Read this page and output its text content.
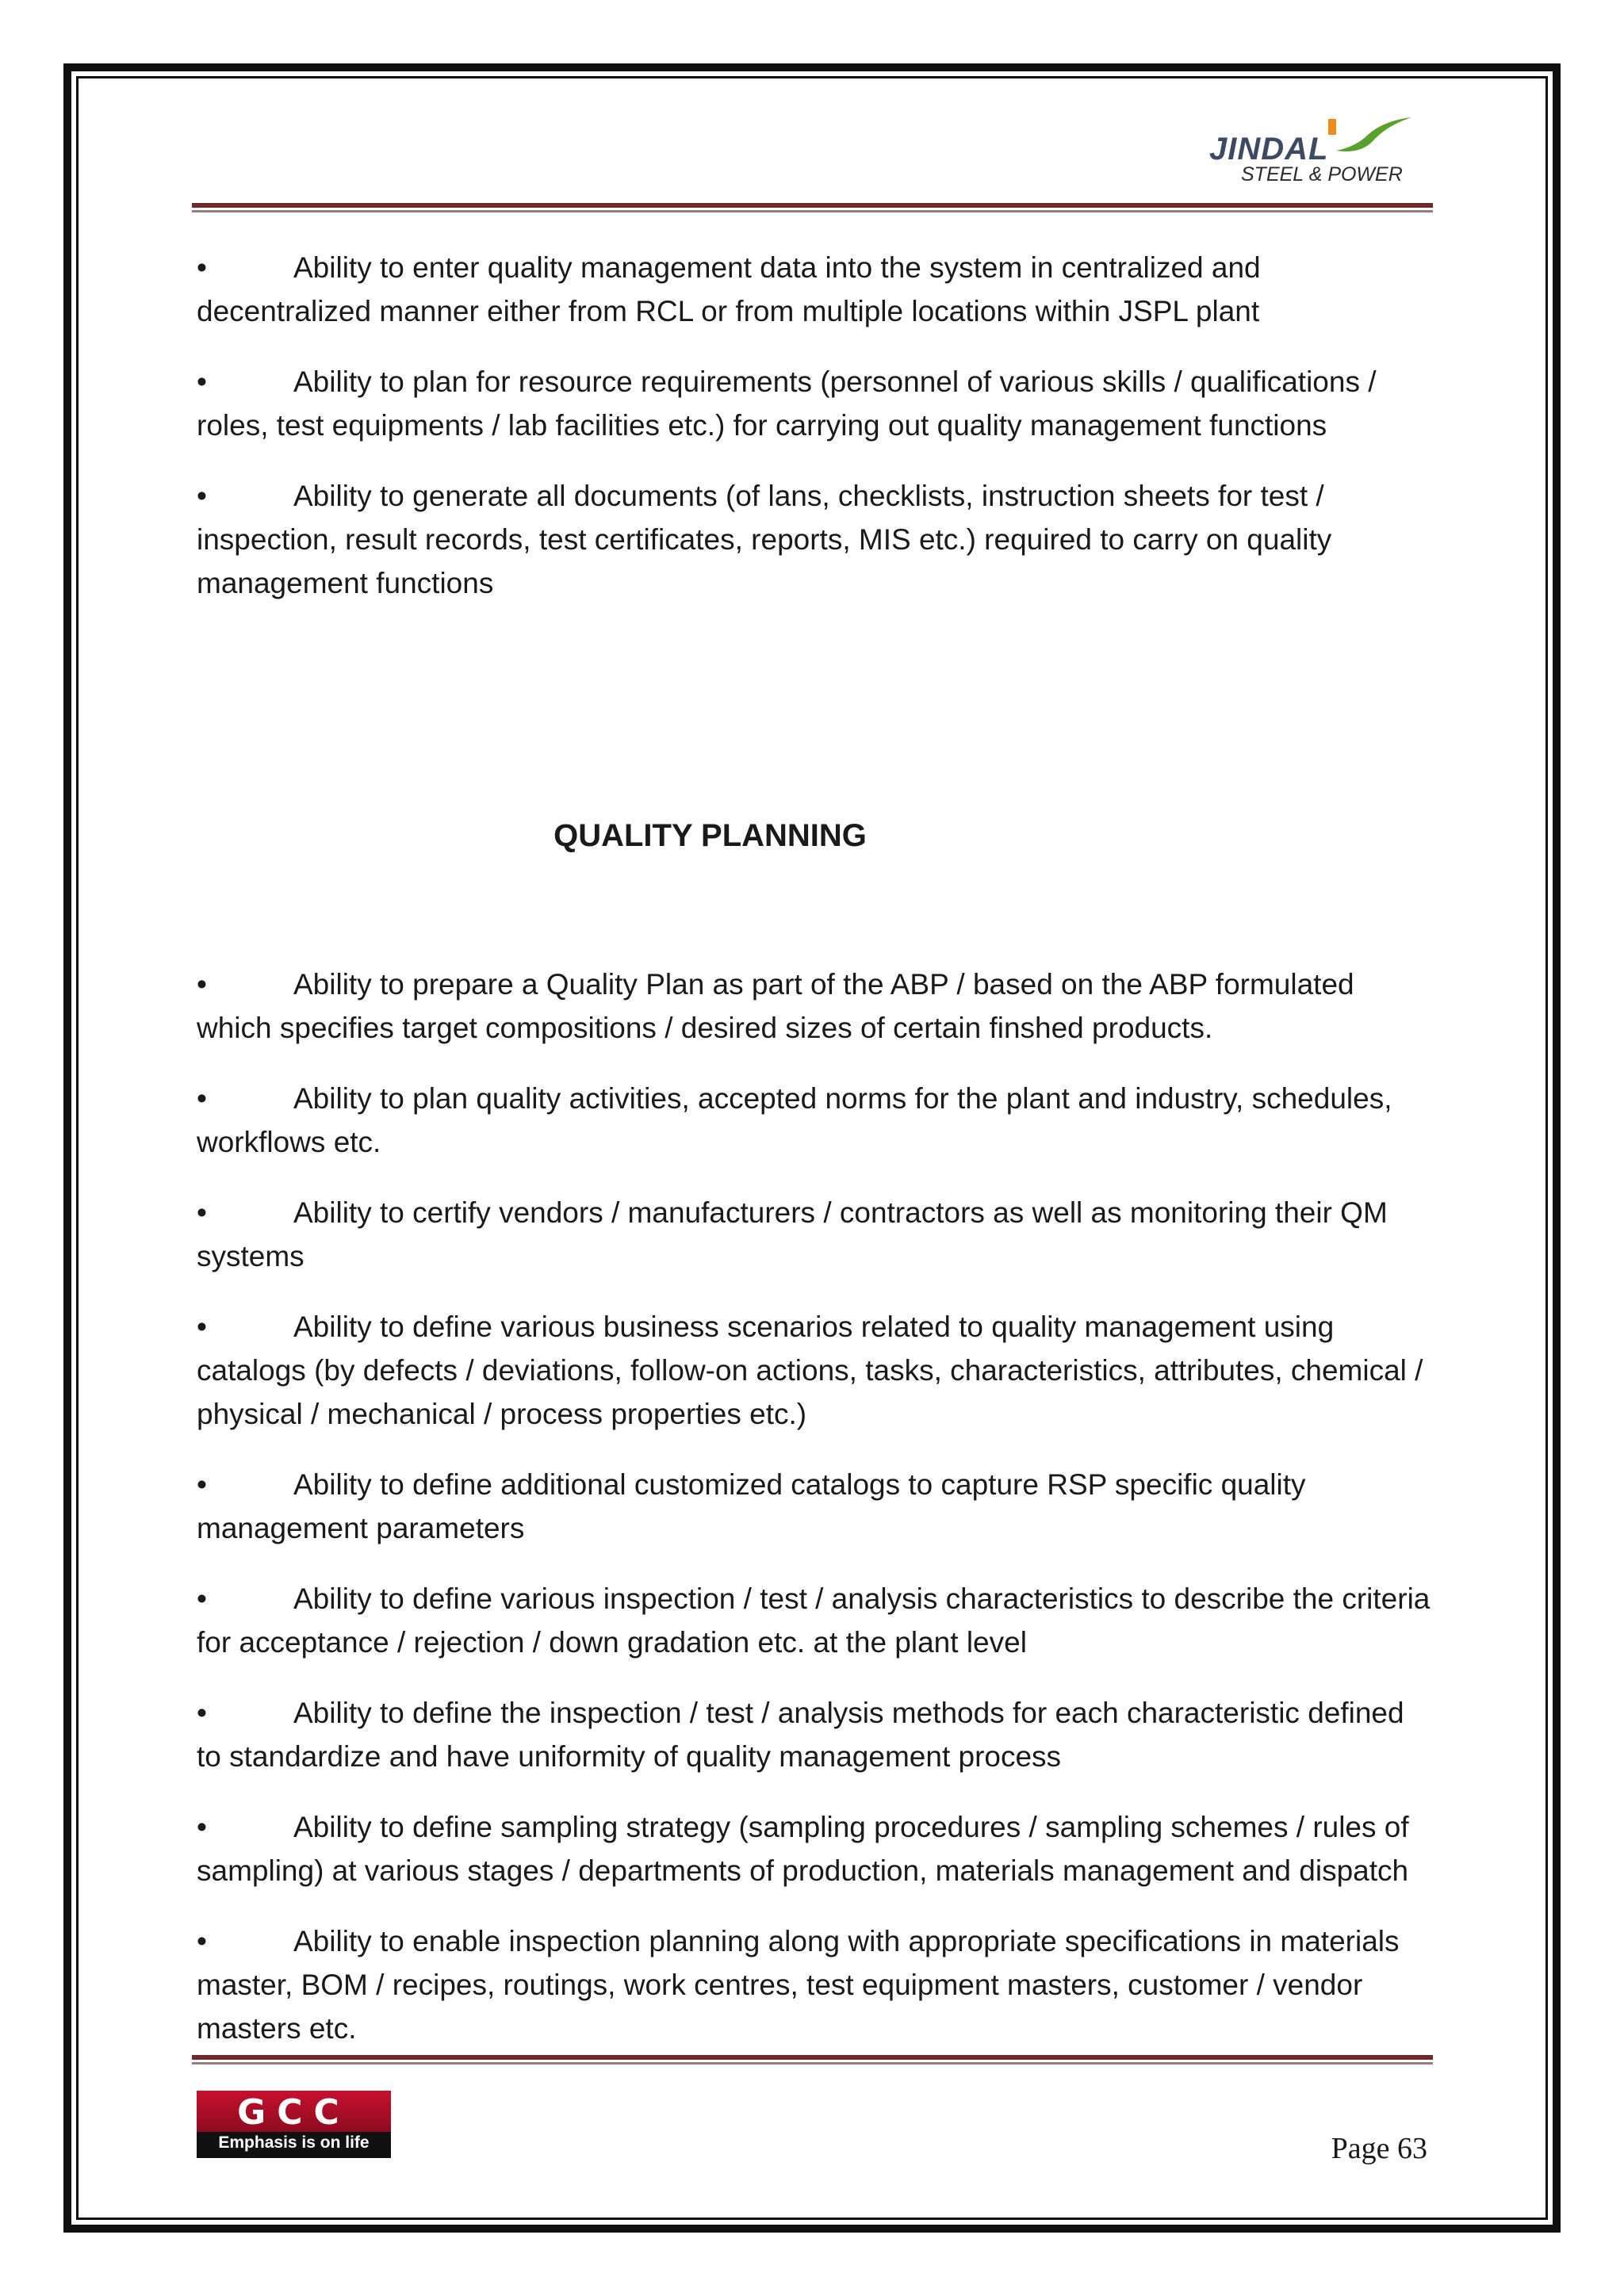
JINDAL
STEEL & POWER
•	Ability to enter quality management data into the system in centralized and decentralized manner either from RCL or from multiple locations within JSPL plant
•	Ability to plan for resource requirements (personnel of various skills / qualifications / roles, test equipments / lab facilities etc.) for carrying out quality management functions
•	Ability to generate all documents (of lans, checklists, instruction sheets for test / inspection, result records, test certificates, reports, MIS etc.) required to carry on quality management functions
QUALITY PLANNING
•	Ability to prepare a Quality Plan as part of the ABP / based on the ABP formulated which specifies target compositions / desired sizes of certain finshed products.
•	Ability to plan quality activities, accepted norms for the plant and industry, schedules, workflows etc.
•	Ability to certify vendors / manufacturers / contractors as well as monitoring their QM systems
•	Ability to define various business scenarios related to quality management using catalogs (by defects / deviations, follow-on actions, tasks, characteristics, attributes, chemical / physical / mechanical / process properties etc.)
•	Ability to define additional customized catalogs to capture RSP specific quality management parameters
•	Ability to define various inspection / test / analysis characteristics to describe the criteria for acceptance / rejection / down gradation etc. at the plant level
•	Ability to define the inspection / test / analysis methods for each characteristic defined to standardize and have uniformity of quality management process
•	Ability to define sampling strategy (sampling procedures / sampling schemes / rules of sampling) at various stages / departments of production, materials management and dispatch
•	Ability to enable inspection planning along with appropriate specifications in materials master, BOM / recipes, routings, work centres, test equipment masters, customer / vendor masters etc.
GCC
Emphasis is on life	Page 63
